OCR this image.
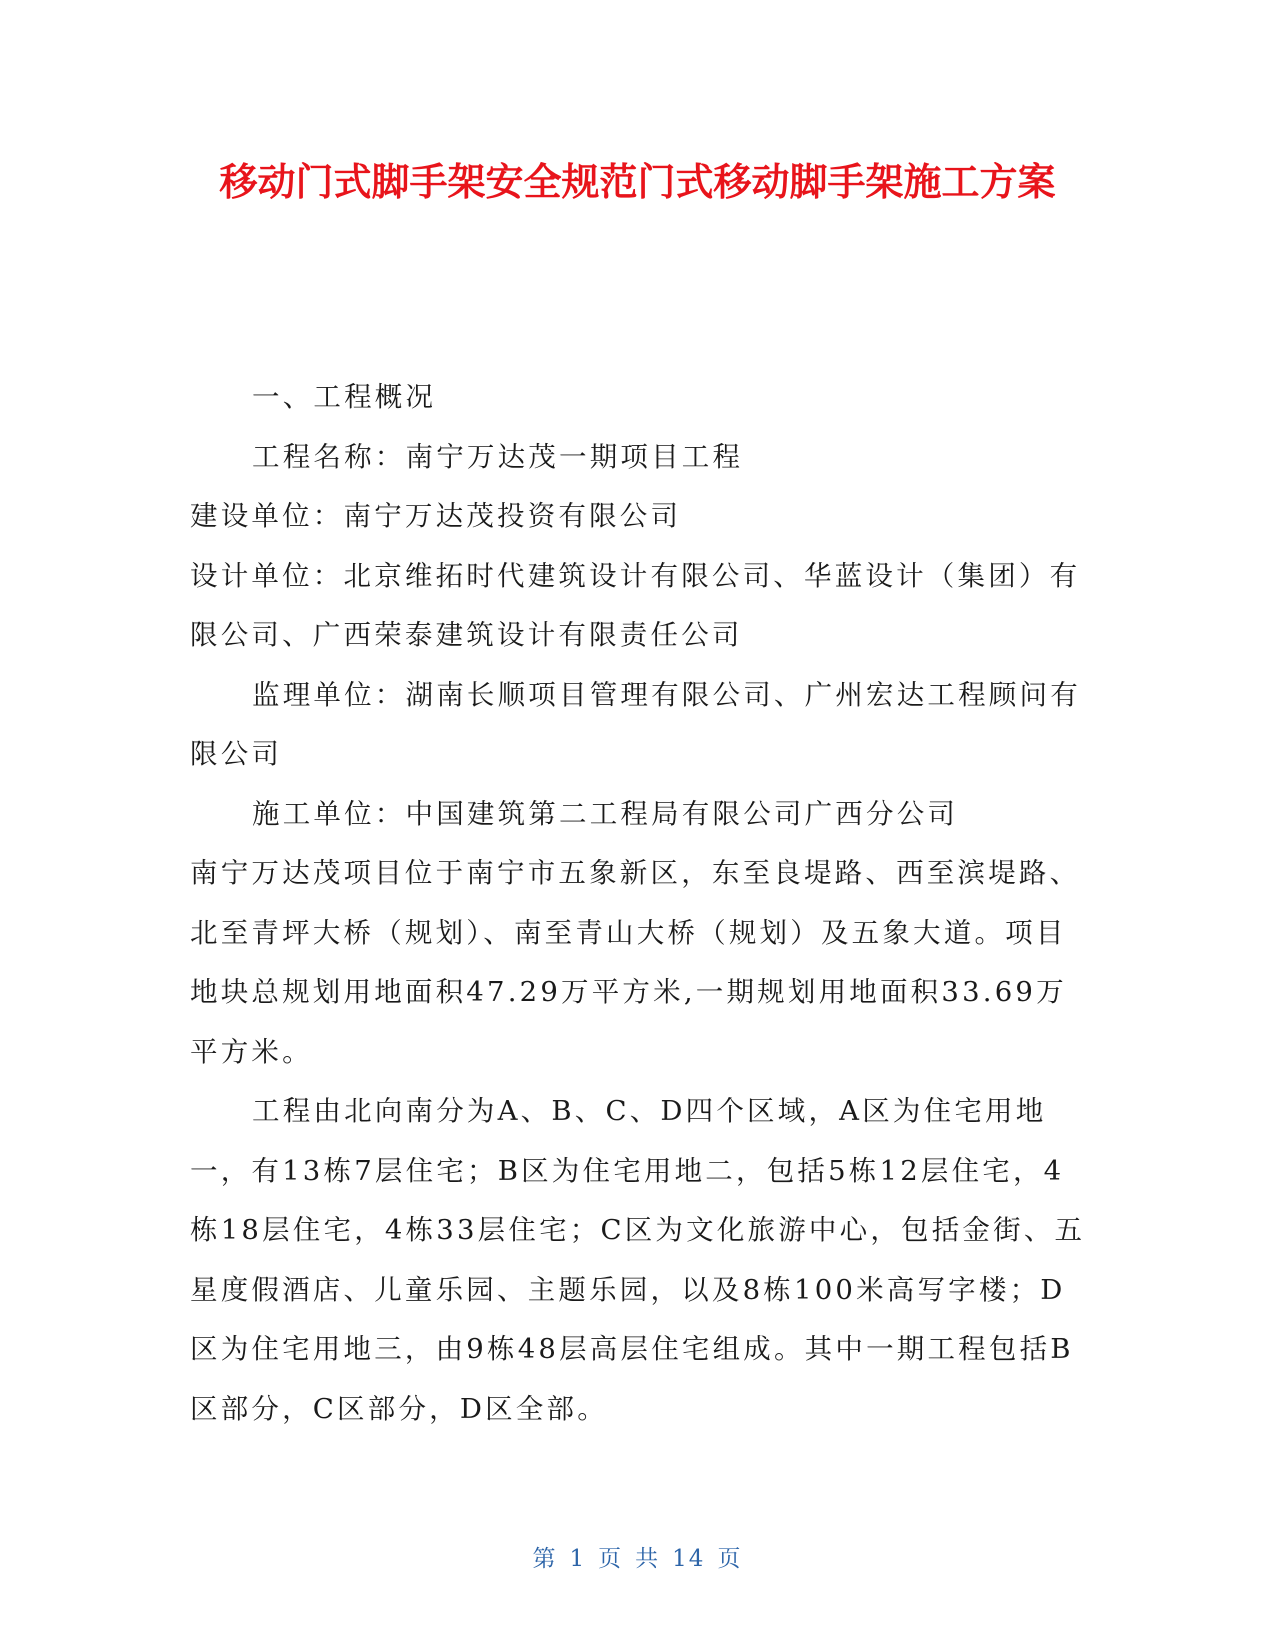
移动门式脚手架安全规范门式移动脚手架施工方案

一、工程概况

工程名称：南宁万达茂一期项目工程

建设单位：南宁万达茂投资有限公司

设计单位：北京维拓时代建筑设计有限公司、华蓝设计（集团）有限公司、广西荣泰建筑设计有限责任公司

监理单位：湖南长顺项目管理有限公司、广州宏达工程顾问有限公司

施工单位：中国建筑第二工程局有限公司广西分公司

南宁万达茂项目位于南宁市五象新区，东至良堤路、西至滨堤路、北至青坪大桥（规划）、南至青山大桥（规划）及五象大道。项目地块总规划用地面积47.29万平方米,一期规划用地面积33.69万平方米。

工程由北向南分为A、B、C、D四个区域，A区为住宅用地一，有13栋7层住宅；B区为住宅用地二，包括5栋12层住宅，4栋18层住宅，4栋33层住宅；C区为文化旅游中心，包括金街、五星度假酒店、儿童乐园、主题乐园，以及8栋100米高写字楼；D区为住宅用地三，由9栋48层高层住宅组成。其中一期工程包括B区部分，C区部分，D区全部。

第 1 页 共 14 页
